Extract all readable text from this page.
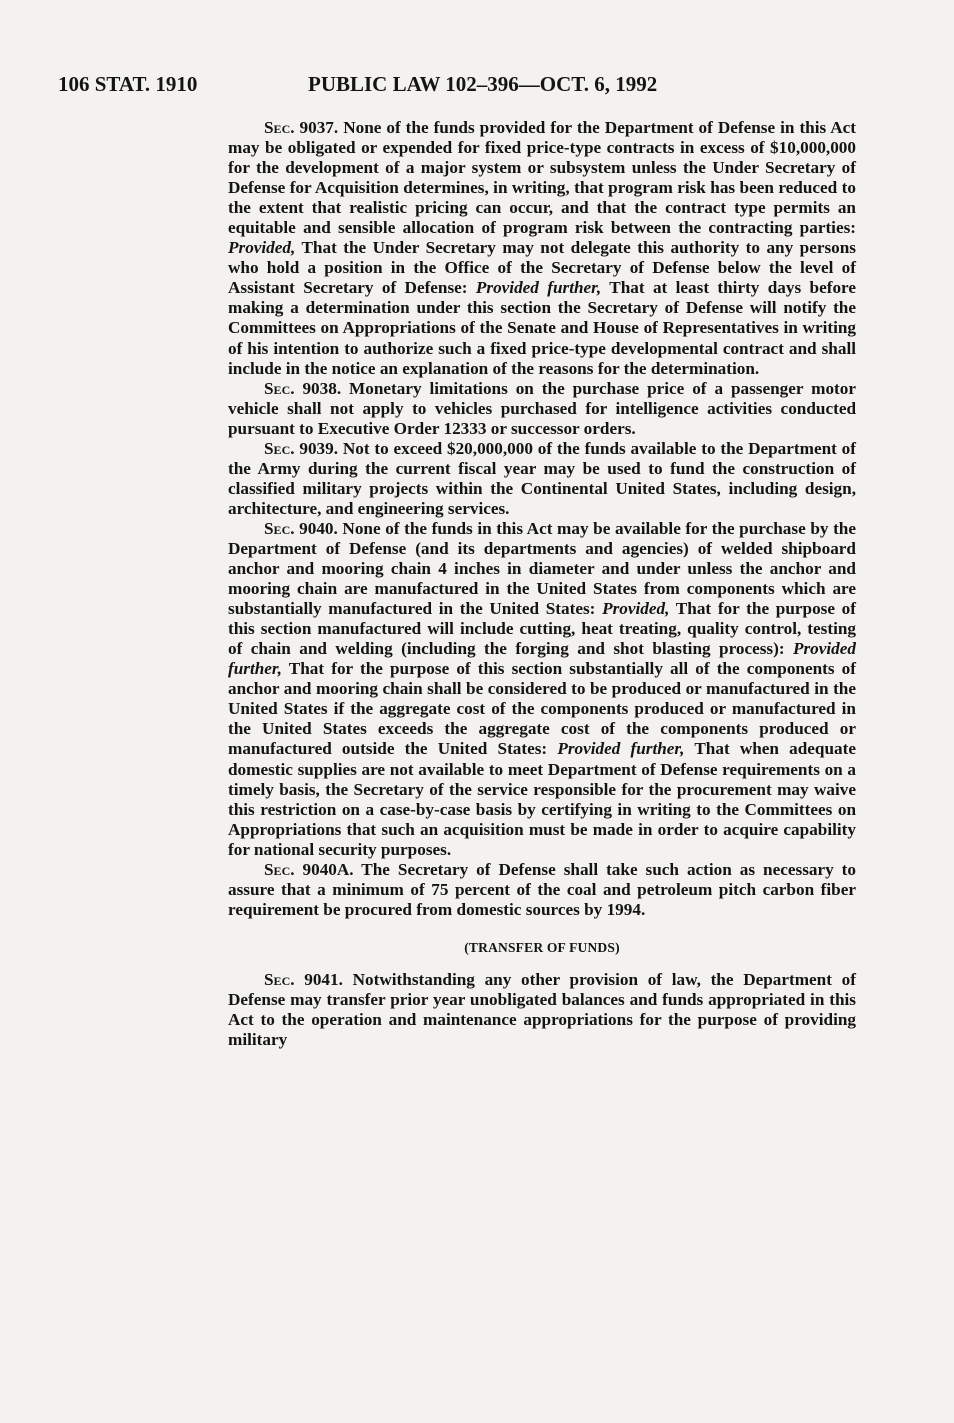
106 STAT. 1910	PUBLIC LAW 102–396—OCT. 6, 1992

Sec. 9037. None of the funds provided for the Department of Defense in this Act may be obligated or expended for fixed price-type contracts in excess of $10,000,000 for the development of a major system or subsystem unless the Under Secretary of Defense for Acquisition determines, in writing, that program risk has been reduced to the extent that realistic pricing can occur, and that the contract type permits an equitable and sensible allocation of program risk between the contracting parties: Provided, That the Under Secretary may not delegate this authority to any persons who hold a position in the Office of the Secretary of Defense below the level of Assistant Secretary of Defense: Provided further, That at least thirty days before making a determination under this section the Secretary of Defense will notify the Committees on Appropriations of the Senate and House of Representatives in writing of his intention to authorize such a fixed price-type developmental contract and shall include in the notice an explanation of the reasons for the determination.

Sec. 9038. Monetary limitations on the purchase price of a passenger motor vehicle shall not apply to vehicles purchased for intelligence activities conducted pursuant to Executive Order 12333 or successor orders.

Sec. 9039. Not to exceed $20,000,000 of the funds available to the Department of the Army during the current fiscal year may be used to fund the construction of classified military projects within the Continental United States, including design, architecture, and engineering services.

Sec. 9040. None of the funds in this Act may be available for the purchase by the Department of Defense (and its departments and agencies) of welded shipboard anchor and mooring chain 4 inches in diameter and under unless the anchor and mooring chain are manufactured in the United States from components which are substantially manufactured in the United States: Provided, That for the purpose of this section manufactured will include cutting, heat treating, quality control, testing of chain and welding (including the forging and shot blasting process): Provided further, That for the purpose of this section substantially all of the components of anchor and mooring chain shall be considered to be produced or manufactured in the United States if the aggregate cost of the components produced or manufactured in the United States exceeds the aggregate cost of the components produced or manufactured outside the United States: Provided further, That when adequate domestic supplies are not available to meet Department of Defense requirements on a timely basis, the Secretary of the service responsible for the procurement may waive this restriction on a case-by-case basis by certifying in writing to the Committees on Appropriations that such an acquisition must be made in order to acquire capability for national security purposes.

Sec. 9040A. The Secretary of Defense shall take such action as necessary to assure that a minimum of 75 percent of the coal and petroleum pitch carbon fiber requirement be procured from domestic sources by 1994.

(TRANSFER OF FUNDS)

Sec. 9041. Notwithstanding any other provision of law, the Department of Defense may transfer prior year unobligated balances and funds appropriated in this Act to the operation and maintenance appropriations for the purpose of providing military
